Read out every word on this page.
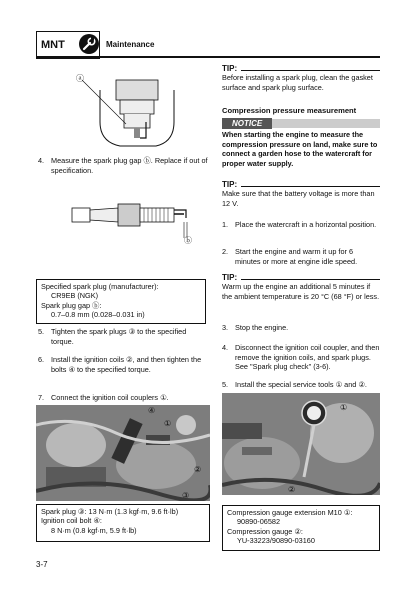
MNT	Maintenance
ⓐ
4. Measure the spark plug gap ⓑ. Replace if out of specification.
ⓑ
Specified spark plug (manufacturer):
CR9EB (NGK)
Spark plug gap ⓑ:
0.7–0.8 mm (0.028–0.031 in)
5. Tighten the spark plugs ③ to the specified torque.
6. Install the ignition coils ②, and then tighten the bolts ④ to the specified torque.
7. Connect the ignition coil couplers ①.
④
①
②
③
Spark plug ③: 13 N·m (1.3 kgf·m, 9.6 ft·lb)
Ignition coil bolt ④:
8 N·m (0.8 kgf·m, 5.9 ft·lb)
TIP:
Before installing a spark plug, clean the gasket surface and spark plug surface.
Compression pressure measurement
NOTICE
When starting the engine to measure the compression pressure on land, make sure to connect a garden hose to the watercraft for proper water supply.
TIP:
Make sure that the battery voltage is more than 12 V.
1. Place the watercraft in a horizontal position.
2. Start the engine and warm it up for 6 minutes or more at engine idle speed.
TIP:
Warm up the engine an additional 5 minutes if the ambient temperature is 20 °C (68 °F) or less.
3. Stop the engine.
4. Disconnect the ignition coil coupler, and then remove the ignition coils, and spark plugs. See "Spark plug check" (3-6).
5. Install the special service tools ① and ②.
①
②
Compression gauge extension M10 ①:
90890-06582
Compression gauge ②:
YU-33223/90890-03160
3-7
